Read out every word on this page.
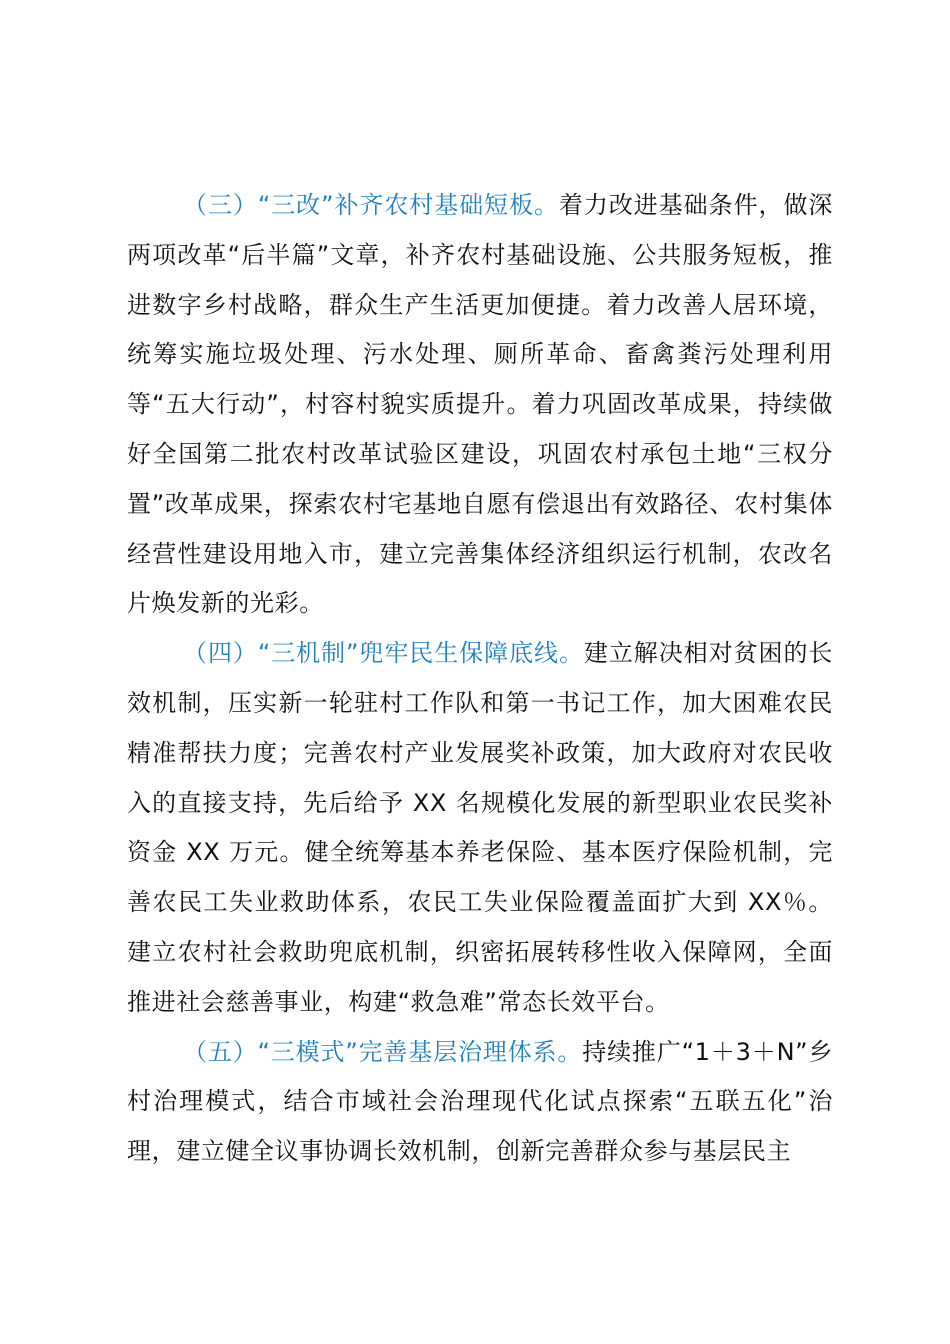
（三）“三改”补齐农村基础短板。着力改进基础条件，做深两项改革“后半篇”文章，补齐农村基础设施、公共服务短板，推进数字乡村战略，群众生产生活更加便捷。着力改善人居环境，统筹实施垃圾处理、污水处理、厕所革命、畜禽粪污处理利用等“五大行动”，村容村貌实质提升。着力巩固改革成果，持续做好全国第二批农村改革试验区建设，巩固农村承包土地“三权分置”改革成果，探索农村宅基地自愿有偿退出有效路径、农村集体经营性建设用地入市，建立完善集体经济组织运行机制，农改名片焕发新的光彩。

（四）“三机制”兜牢民生保障底线。建立解决相对贫困的长效机制，压实新一轮驻村工作队和第一书记工作，加大困难农民精准帮扶力度；完善农村产业发展奖补政策，加大政府对农民收入的直接支持，先后给予 XX 名规模化发展的新型职业农民奖补资金 XX 万元。健全统筹基本养老保险、基本医疗保险机制，完善农民工失业救助体系，农民工失业保险覆盖面扩大到 XX％。建立农村社会救助兜底机制，织密拓展转移性收入保障网，全面推进社会慈善事业，构建“救急难”常态长效平台。

（五）“三模式”完善基层治理体系。持续推广“1＋3＋N”乡村治理模式，结合市域社会治理现代化试点探索“五联五化”治理，建立健全议事协调长效机制，创新完善群众参与基层民主
